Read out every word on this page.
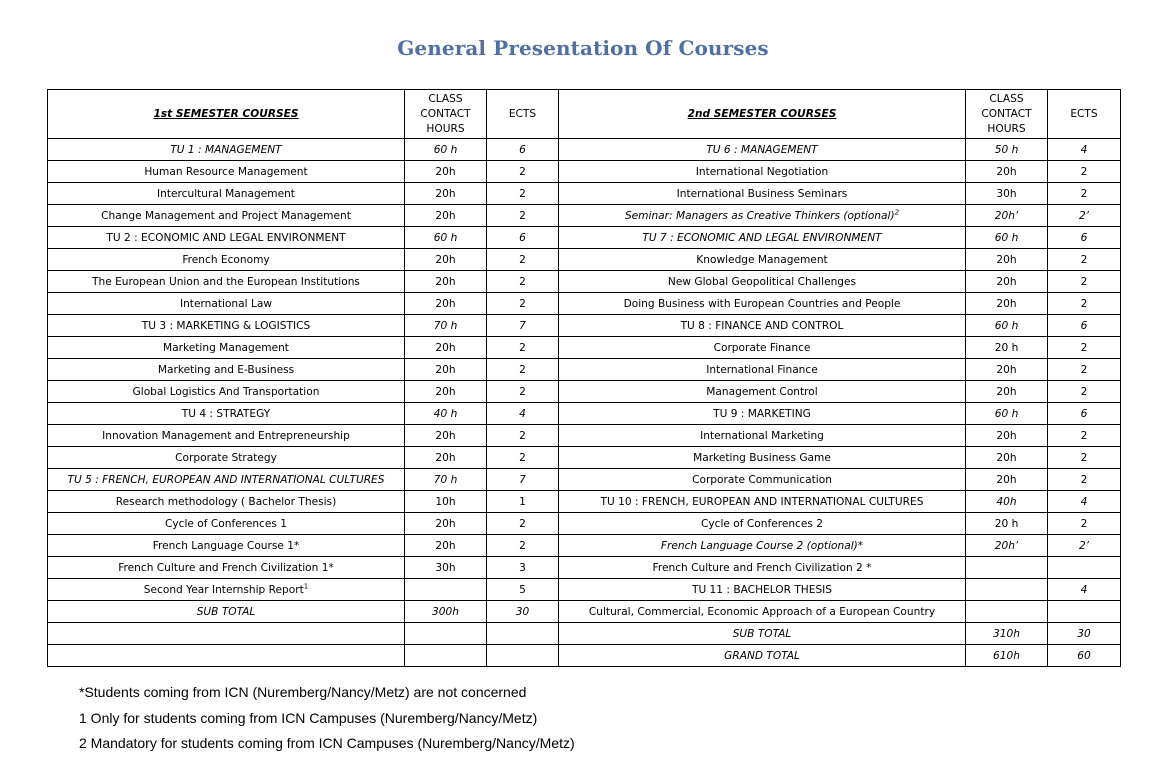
General Presentation Of Courses
1st SEMESTER COURSES	CLASS
CONTACT
HOURS	ECTS	2nd SEMESTER COURSES	CLASS
CONTACT
HOURS	ECTS
TU 1 : MANAGEMENT	60 h	6	TU 6 : MANAGEMENT	50 h	4
Human Resource Management	20h	2	International Negotiation	20h	2
Intercultural Management	20h	2	International Business Seminars	30h	2
Change Management and Project Management	20h	2	Seminar: Managers as Creative Thinkers (optional)$^2$	20h’	2’
TU 2 : ECONOMIC AND LEGAL ENVIRONMENT	60 h	6	TU 7 : ECONOMIC AND LEGAL ENVIRONMENT	60 h	6
French Economy	20h	2	Knowledge Management	20h	2
The European Union and the European Institutions	20h	2	New Global Geopolitical Challenges	20h	2
International Law	20h	2	Doing Business with European Countries and People	20h	2
TU 3 : MARKETING & LOGISTICS	70 h	7	TU 8 : FINANCE AND CONTROL	60 h	6
Marketing Management	20h	2	Corporate Finance	20 h	2
Marketing and E-Business	20h	2	International Finance	20h	2
Global Logistics And Transportation	20h	2	Management Control	20h	2
TU 4 : STRATEGY	40 h	4	TU 9 : MARKETING	60 h	6
Innovation Management and Entrepreneurship	20h	2	International Marketing	20h	2
Corporate Strategy	20h	2	Marketing Business Game	20h	2
TU 5 : FRENCH, EUROPEAN AND INTERNATIONAL CULTURES	70 h	7	Corporate Communication	20h	2
Research methodology ( Bachelor Thesis)	10h	1	TU 10 : FRENCH, EUROPEAN AND INTERNATIONAL CULTURES	40h	4
Cycle of Conferences 1	20h	2	Cycle of Conferences 2	20 h	2
French Language Course 1*	20h	2	French Language Course 2 (optional)*	20h’	2’
French Culture and French Civilization 1*	30h	3	French Culture and French Civilization 2 *		
Second Year Internship Report$^1$		5	TU 11 : BACHELOR THESIS		4
SUB TOTAL	300h	30	Cultural, Commercial, Economic Approach of a European Country		
			SUB TOTAL	310h	30
			GRAND TOTAL	610h	60
*Students coming from ICN (Nuremberg/Nancy/Metz) are not concerned
1 Only for students coming from ICN Campuses (Nuremberg/Nancy/Metz)
2 Mandatory for students coming from ICN Campuses (Nuremberg/Nancy/Metz)
